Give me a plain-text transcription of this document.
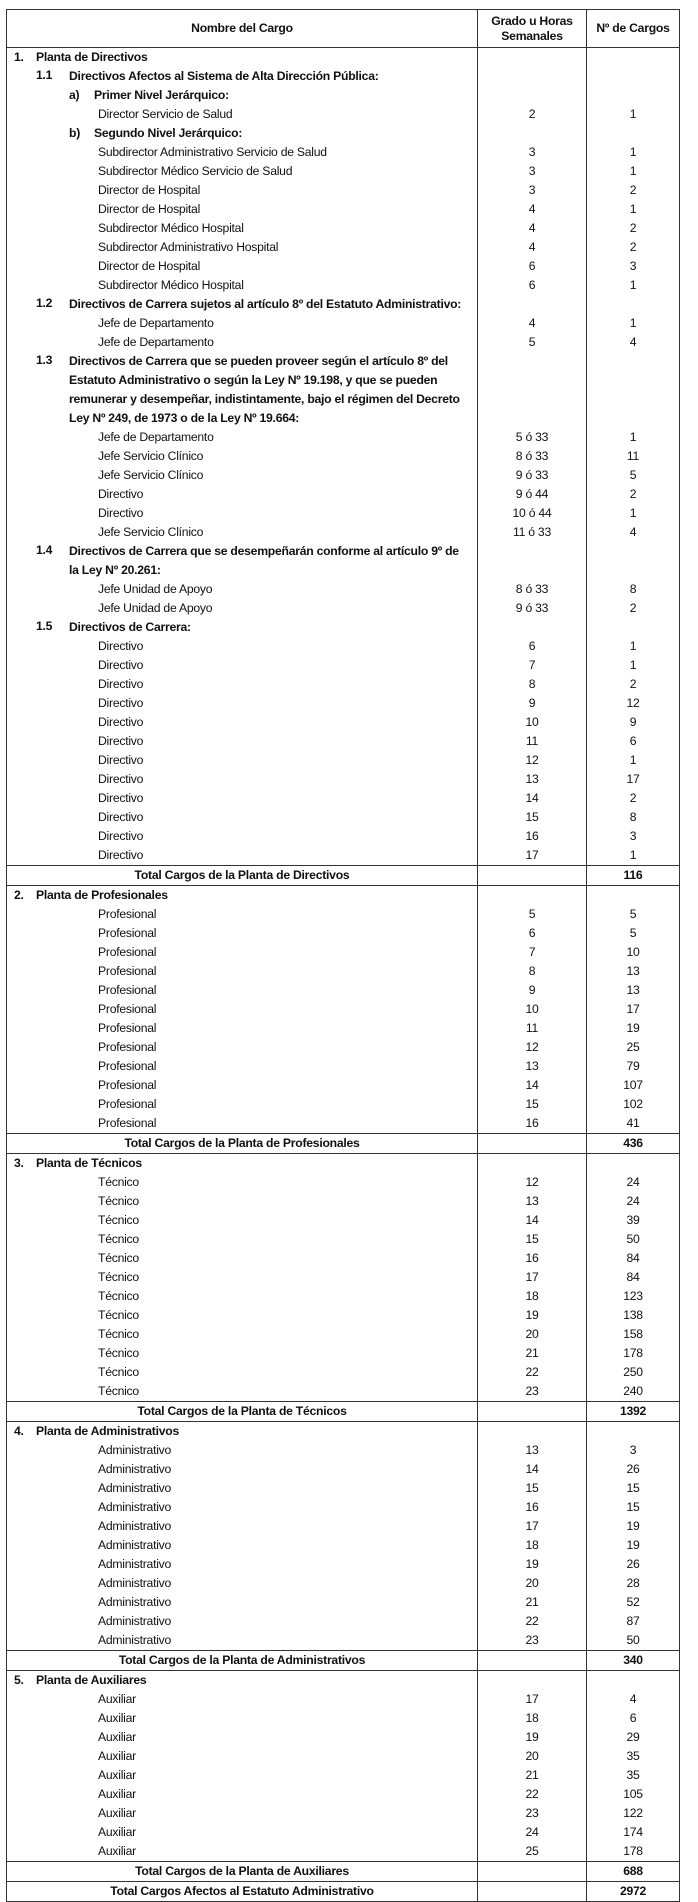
Nombre del Cargo	Grado u Horas Semanales	Nº de Cargos

1. Planta de Directivos		

1.1 Directivos Afectos al Sistema de Alta Dirección Pública:		

a) Primer Nivel Jerárquico:		

Director Servicio de Salud	2	1

b) Segundo Nivel Jerárquico:		

Subdirector Administrativo Servicio de Salud	3	1
Subdirector Médico Servicio de Salud	3	1
Director de Hospital	3	2
Director de Hospital	4	1
Subdirector Médico Hospital	4	2
Subdirector Administrativo Hospital	4	2
Director de Hospital	6	3
Subdirector Médico Hospital	6	1

1.2 Directivos de Carrera sujetos al artículo 8º del Estatuto Administrativo:		

Jefe de Departamento	4	1
Jefe de Departamento	5	4

1.3 Directivos de Carrera que se pueden proveer según el artículo 8º del Estatuto Administrativo o según la Ley Nº 19.198, y que se pueden remunerar y desempeñar, indistintamente, bajo el régimen del Decreto Ley Nº 249, de 1973 o de la Ley Nº 19.664:		

Jefe de Departamento	5 ó 33	1
Jefe Servicio Clínico	8 ó 33	11
Jefe Servicio Clínico	9 ó 33	5
Directivo	9 ó 44	2
Directivo	10 ó 44	1
Jefe Servicio Clínico	11 ó 33	4

1.4 Directivos de Carrera que se desempeñarán conforme al artículo 9º de la Ley Nº 20.261:		

Jefe Unidad de Apoyo	8 ó 33	8
Jefe Unidad de Apoyo	9 ó 33	2

1.5 Directivos de Carrera:		

Directivo	6	1
Directivo	7	1
Directivo	8	2
Directivo	9	12
Directivo	10	9
Directivo	11	6
Directivo	12	1
Directivo	13	17
Directivo	14	2
Directivo	15	8
Directivo	16	3
Directivo	17	1
Total Cargos de la Planta de Directivos		116

2. Planta de Profesionales		

Profesional	5	5
Profesional	6	5
Profesional	7	10
Profesional	8	13
Profesional	9	13
Profesional	10	17
Profesional	11	19
Profesional	12	25
Profesional	13	79
Profesional	14	107
Profesional	15	102
Profesional	16	41
Total Cargos de la Planta de Profesionales		436

3. Planta de Técnicos		

Técnico	12	24
Técnico	13	24
Técnico	14	39
Técnico	15	50
Técnico	16	84
Técnico	17	84
Técnico	18	123
Técnico	19	138
Técnico	20	158
Técnico	21	178
Técnico	22	250
Técnico	23	240
Total Cargos de la Planta de Técnicos		1392

4. Planta de Administrativos		

Administrativo	13	3
Administrativo	14	26
Administrativo	15	15
Administrativo	16	15
Administrativo	17	19
Administrativo	18	19
Administrativo	19	26
Administrativo	20	28
Administrativo	21	52
Administrativo	22	87
Administrativo	23	50
Total Cargos de la Planta de Administrativos		340

5. Planta de Auxiliares		

Auxiliar	17	4
Auxiliar	18	6
Auxiliar	19	29
Auxiliar	20	35
Auxiliar	21	35
Auxiliar	22	105
Auxiliar	23	122
Auxiliar	24	174
Auxiliar	25	178
Total Cargos de la Planta de Auxiliares		688
Total Cargos Afectos al Estatuto Administrativo		2972
